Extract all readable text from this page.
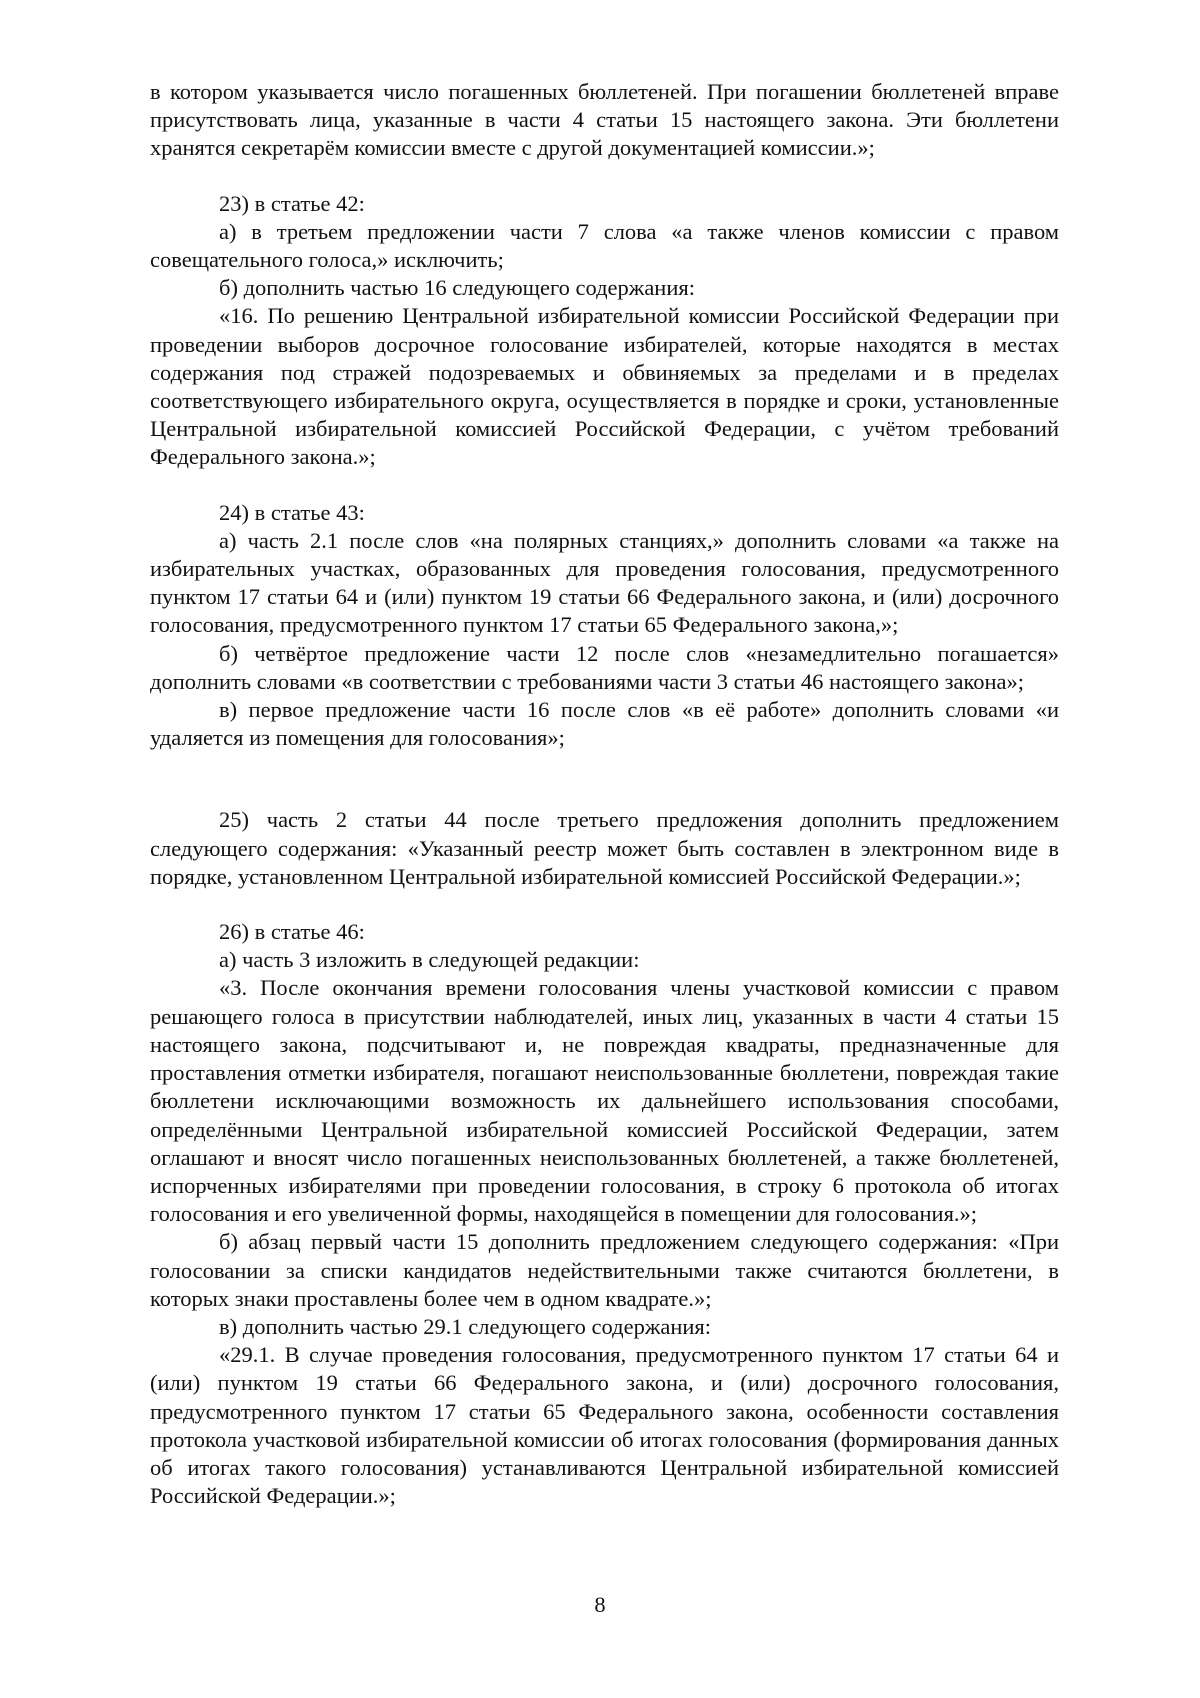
в котором указывается число погашенных бюллетеней. При погашении бюллетеней вправе присутствовать лица, указанные в части 4 статьи 15 настоящего закона. Эти бюллетени хранятся секретарём комиссии вместе с другой документацией комиссии.»;

23) в статье 42:

а) в третьем предложении части 7 слова «а также членов комиссии с правом совещательного голоса,» исключить;

б) дополнить частью 16 следующего содержания:

«16. По решению Центральной избирательной комиссии Российской Федерации при проведении выборов досрочное голосование избирателей, которые находятся в местах содержания под стражей подозреваемых и обвиняемых за пределами и в пределах соответствующего избирательного округа, осуществляется в порядке и сроки, установленные Центральной избирательной комиссией Российской Федерации, с учётом требований Федерального закона.»;

24) в статье 43:

а) часть 2.1 после слов «на полярных станциях,» дополнить словами «а также на избирательных участках, образованных для проведения голосования, предусмотренного пунктом 17 статьи 64 и (или) пунктом 19 статьи 66 Федерального закона, и (или) досрочного голосования, предусмотренного пунктом 17 статьи 65 Федерального закона,»;

б) четвёртое предложение части 12 после слов «незамедлительно погашается» дополнить словами «в соответствии с требованиями части 3 статьи 46 настоящего закона»;

в) первое предложение части 16 после слов «в её работе» дополнить словами «и удаляется из помещения для голосования»;

25) часть 2 статьи 44 после третьего предложения дополнить предложением следующего содержания: «Указанный реестр может быть составлен в электронном виде в порядке, установленном Центральной избирательной комиссией Российской Федерации.»;

26) в статье 46:

а) часть 3 изложить в следующей редакции:

«3. После окончания времени голосования члены участковой комиссии с правом решающего голоса в присутствии наблюдателей, иных лиц, указанных в части 4 статьи 15 настоящего закона, подсчитывают и, не повреждая квадраты, предназначенные для проставления отметки избирателя, погашают неиспользованные бюллетени, повреждая такие бюллетени исключающими возможность их дальнейшего использования способами, определёнными Центральной избирательной комиссией Российской Федерации, затем оглашают и вносят число погашенных неиспользованных бюллетеней, а также бюллетеней, испорченных избирателями при проведении голосования, в строку 6 протокола об итогах голосования и его увеличенной формы, находящейся в помещении для голосования.»;

б) абзац первый части 15 дополнить предложением следующего содержания: «При голосовании за списки кандидатов недействительными также считаются бюллетени, в которых знаки проставлены более чем в одном квадрате.»;

в) дополнить частью 29.1 следующего содержания:

«29.1. В случае проведения голосования, предусмотренного пунктом 17 статьи 64 и (или) пунктом 19 статьи 66 Федерального закона, и (или) досрочного голосования, предусмотренного пунктом 17 статьи 65 Федерального закона, особенности составления протокола участковой избирательной комиссии об итогах голосования (формирования данных об итогах такого голосования) устанавливаются Центральной избирательной комиссией Российской Федерации.»;

8
